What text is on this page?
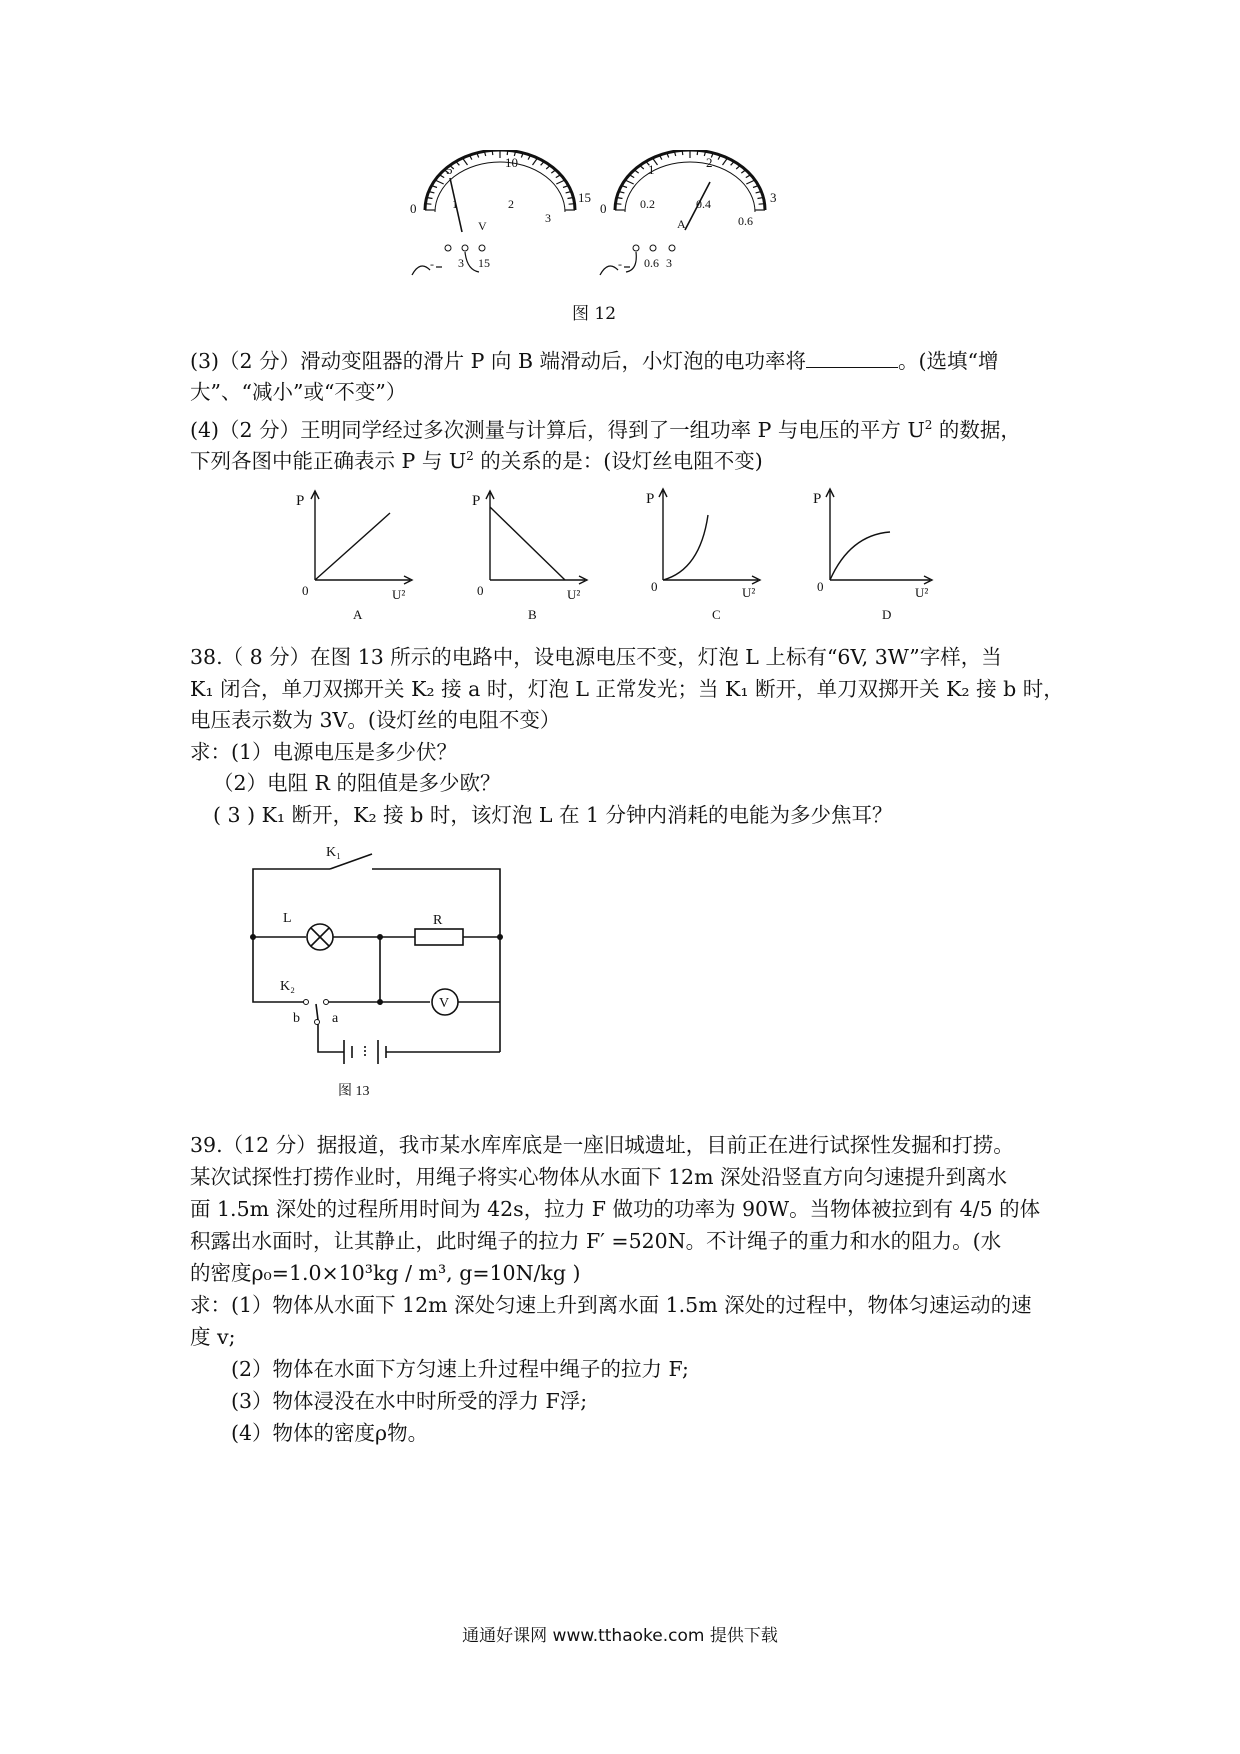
0
5	10
15
1	2
3
V
- 3 15
0
1	2
3
0.2	0.4
0.6
A
- 0.6 3
图 12
(3)（2 分）滑动变阻器的滑片 P 向 B 端滑动后，小灯泡的电功率将	。(选填“增
大”、“减小”或“不变”）
(4)（2 分）王明同学经过多次测量与计算后，得到了一组功率 P 与电压的平方 $U^2$ 的数据，
下列各图中能正确表示 P 与 $U^2$ 的关系的是：(设灯丝电阻不变)
P
0	U²
A
P
0	U²
B
P
0	U²
C
P
0	U²
D
38.（ 8 分）在图 13 所示的电路中，设电源电压不变，灯泡 L 上标有“6V, 3W”字样，当
K₁ 闭合，单刀双掷开关 K₂ 接 a 时，灯泡 L 正常发光；当 K₁ 断开，单刀双掷开关 K₂ 接 b 时，
电压表示数为 3V。(设灯丝的电阻不变）
求：(1）电源电压是多少伏？
（2）电阻 R 的阻值是多少欧？
( 3 ) K₁ 断开，K₂ 接 b 时，该灯泡 L 在 1 分钟内消耗的电能为多少焦耳？
K₁
L	R
K₂
b a
V
图 13
39.（12 分）据报道，我市某水库库底是一座旧城遗址，目前正在进行试探性发掘和打捞。
某次试探性打捞作业时，用绳子将实心物体从水面下 12m 深处沿竖直方向匀速提升到离水
面 1.5m 深处的过程所用时间为 42s，拉力 F 做功的功率为 90W。当物体被拉到有 4/5 的体
积露出水面时，让其静止，此时绳子的拉力 F′ =520N。不计绳子的重力和水的阻力。(水
的密度ρ₀=1.0×10³kg / m³, g=10N/kg )
求：(1）物体从水面下 12m 深处匀速上升到离水面 1.5m 深处的过程中，物体匀速运动的速
度 v;
(2）物体在水面下方匀速上升过程中绳子的拉力 F;
(3）物体浸没在水中时所受的浮力 F浮;
(4）物体的密度ρ物。
通通好课网 www.tthaoke.com 提供下载
